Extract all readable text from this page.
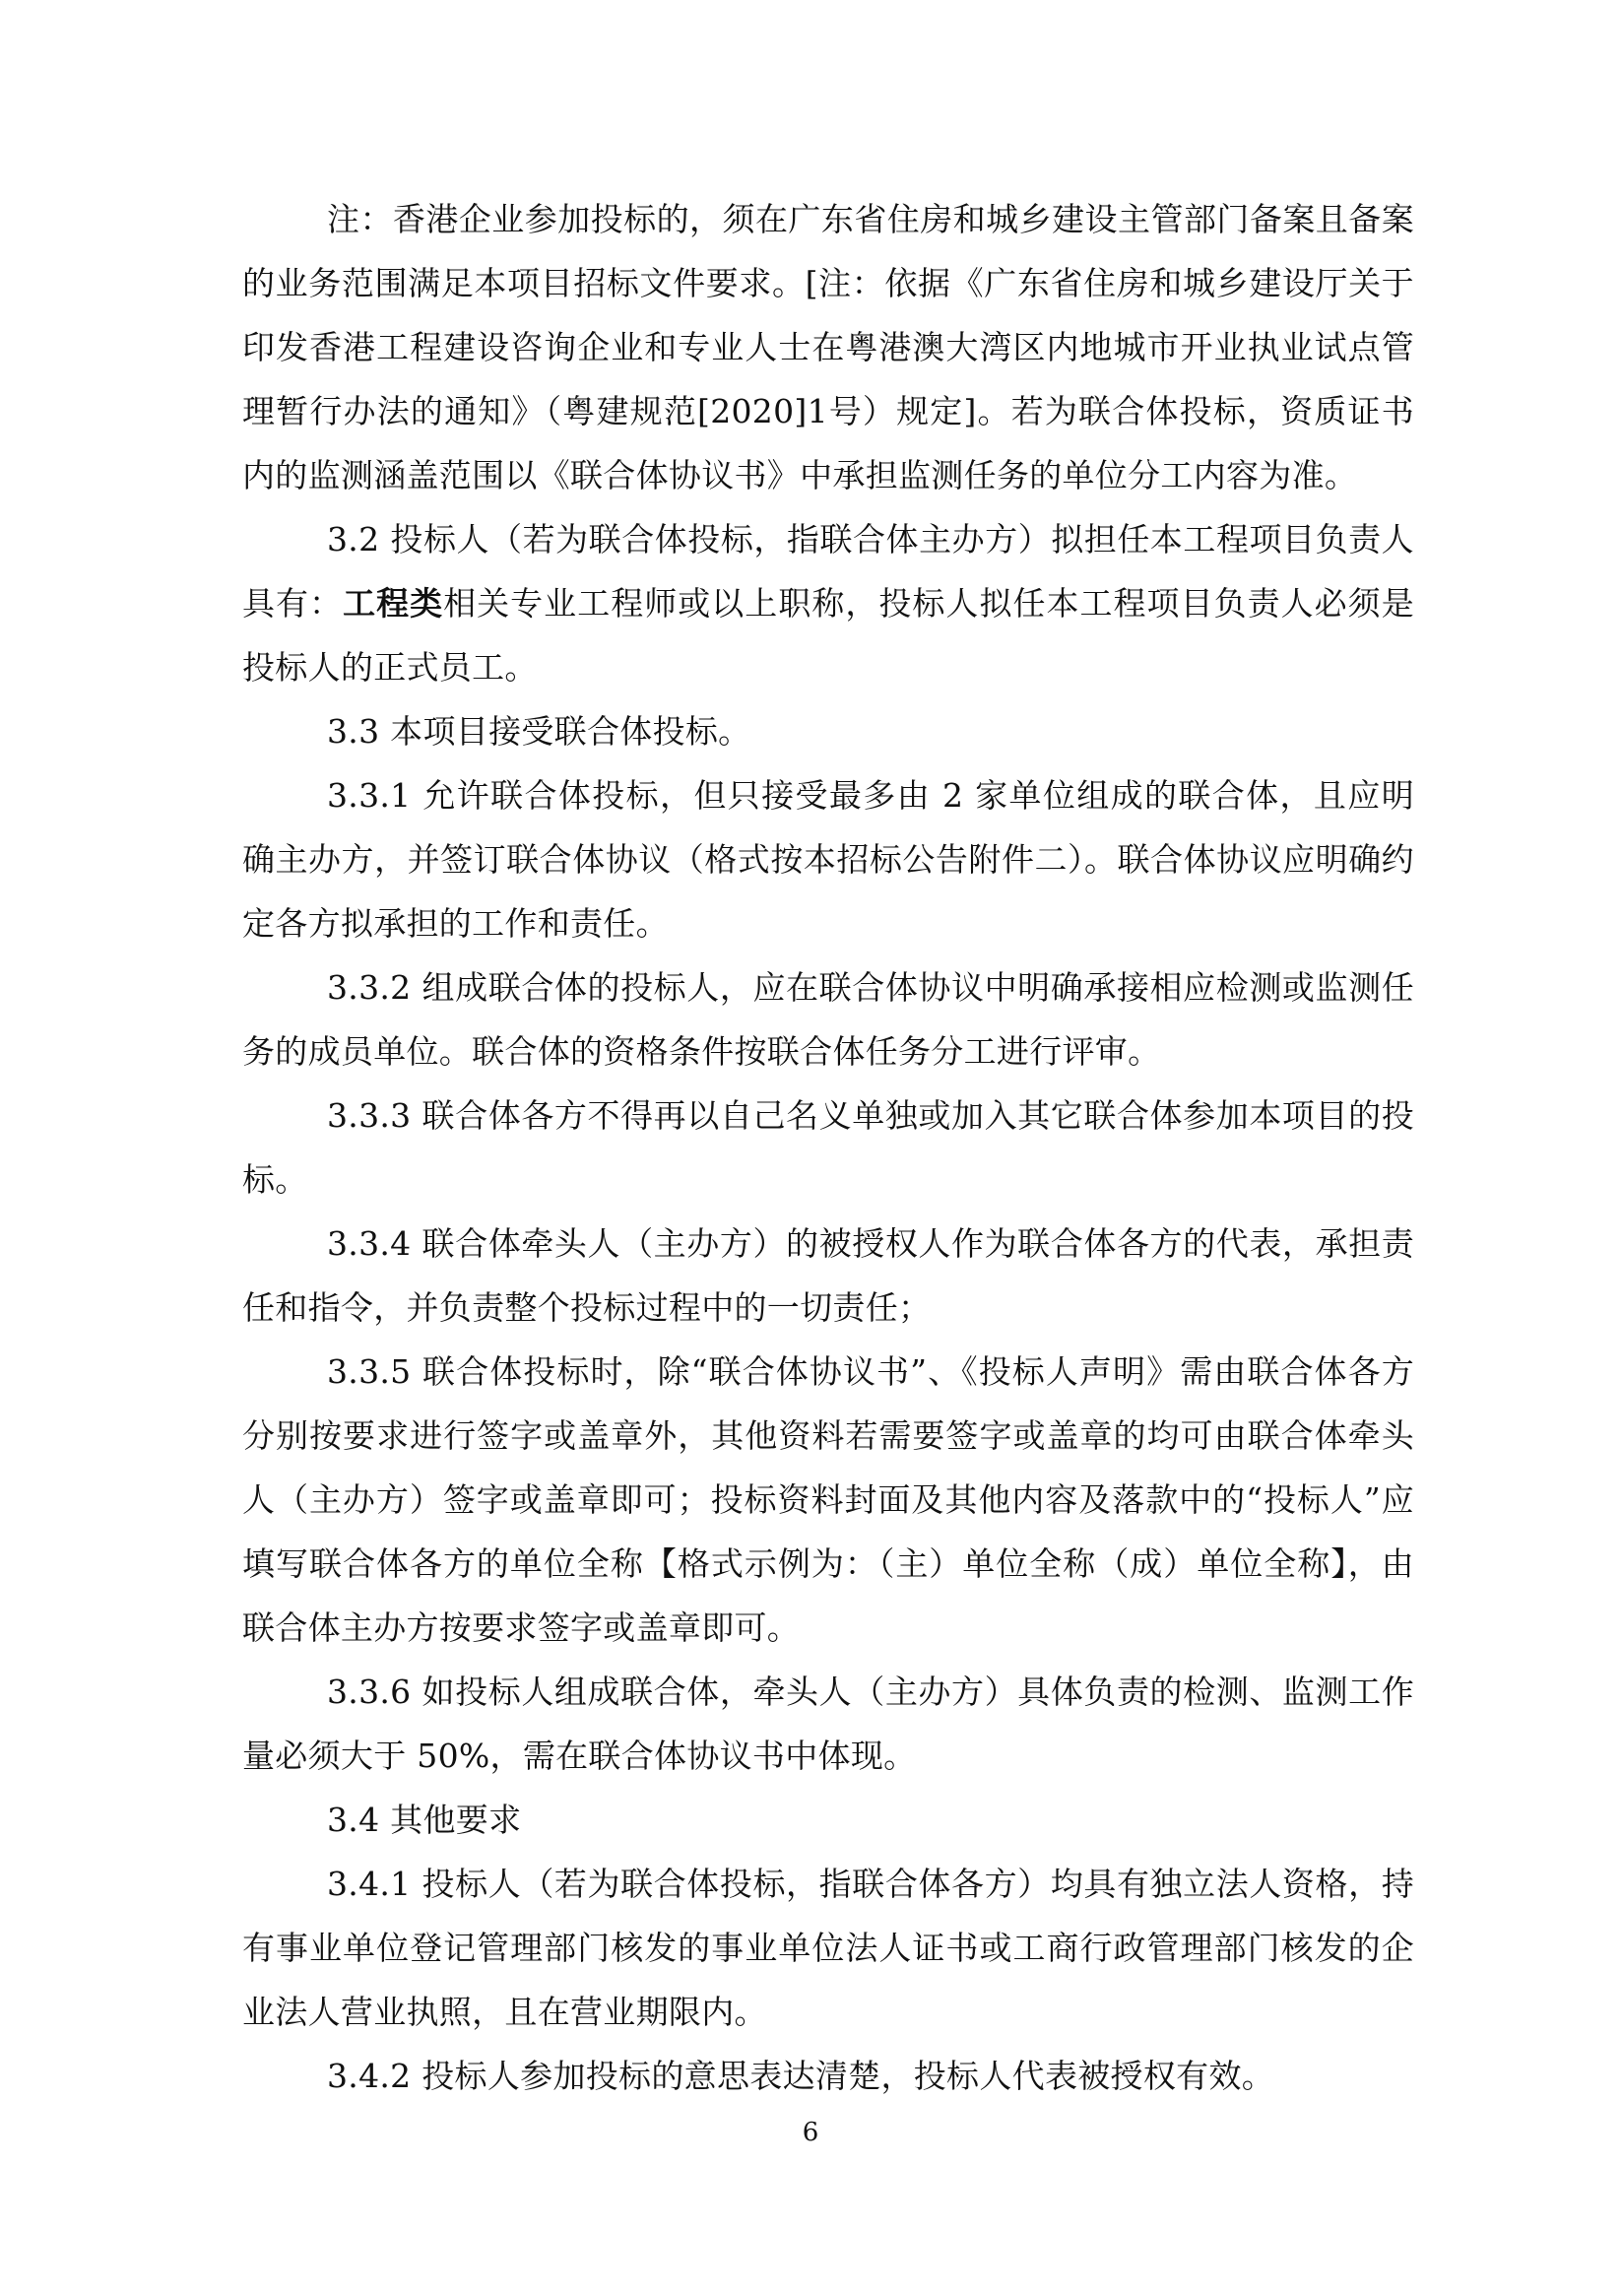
注：香港企业参加投标的，须在广东省住房和城乡建设主管部门备案且备案的业务范围满足本项目招标文件要求。[注：依据《广东省住房和城乡建设厅关于印发香港工程建设咨询企业和专业人士在粤港澳大湾区内地城市开业执业试点管理暂行办法的通知》（粤建规范[2020]1号）规定]。若为联合体投标，资质证书内的监测涵盖范围以《联合体协议书》中承担监测任务的单位分工内容为准。

3.2 投标人（若为联合体投标，指联合体主办方）拟担任本工程项目负责人具有：工程类相关专业工程师或以上职称，投标人拟任本工程项目负责人必须是投标人的正式员工。

3.3 本项目接受联合体投标。

3.3.1 允许联合体投标，但只接受最多由 2 家单位组成的联合体，且应明确主办方，并签订联合体协议（格式按本招标公告附件二）。联合体协议应明确约定各方拟承担的工作和责任。

3.3.2 组成联合体的投标人，应在联合体协议中明确承接相应检测或监测任务的成员单位。联合体的资格条件按联合体任务分工进行评审。

3.3.3 联合体各方不得再以自己名义单独或加入其它联合体参加本项目的投标。

3.3.4 联合体牵头人（主办方）的被授权人作为联合体各方的代表，承担责任和指令，并负责整个投标过程中的一切责任；

3.3.5 联合体投标时，除“联合体协议书”、《投标人声明》需由联合体各方分别按要求进行签字或盖章外，其他资料若需要签字或盖章的均可由联合体牵头人（主办方）签字或盖章即可；投标资料封面及其他内容及落款中的“投标人”应填写联合体各方的单位全称【格式示例为：（主）单位全称（成）单位全称】，由联合体主办方按要求签字或盖章即可。

3.3.6 如投标人组成联合体，牵头人（主办方）具体负责的检测、监测工作量必须大于 50%，需在联合体协议书中体现。

3.4 其他要求

3.4.1 投标人（若为联合体投标，指联合体各方）均具有独立法人资格，持有事业单位登记管理部门核发的事业单位法人证书或工商行政管理部门核发的企业法人营业执照，且在营业期限内。

3.4.2 投标人参加投标的意思表达清楚，投标人代表被授权有效。

6
